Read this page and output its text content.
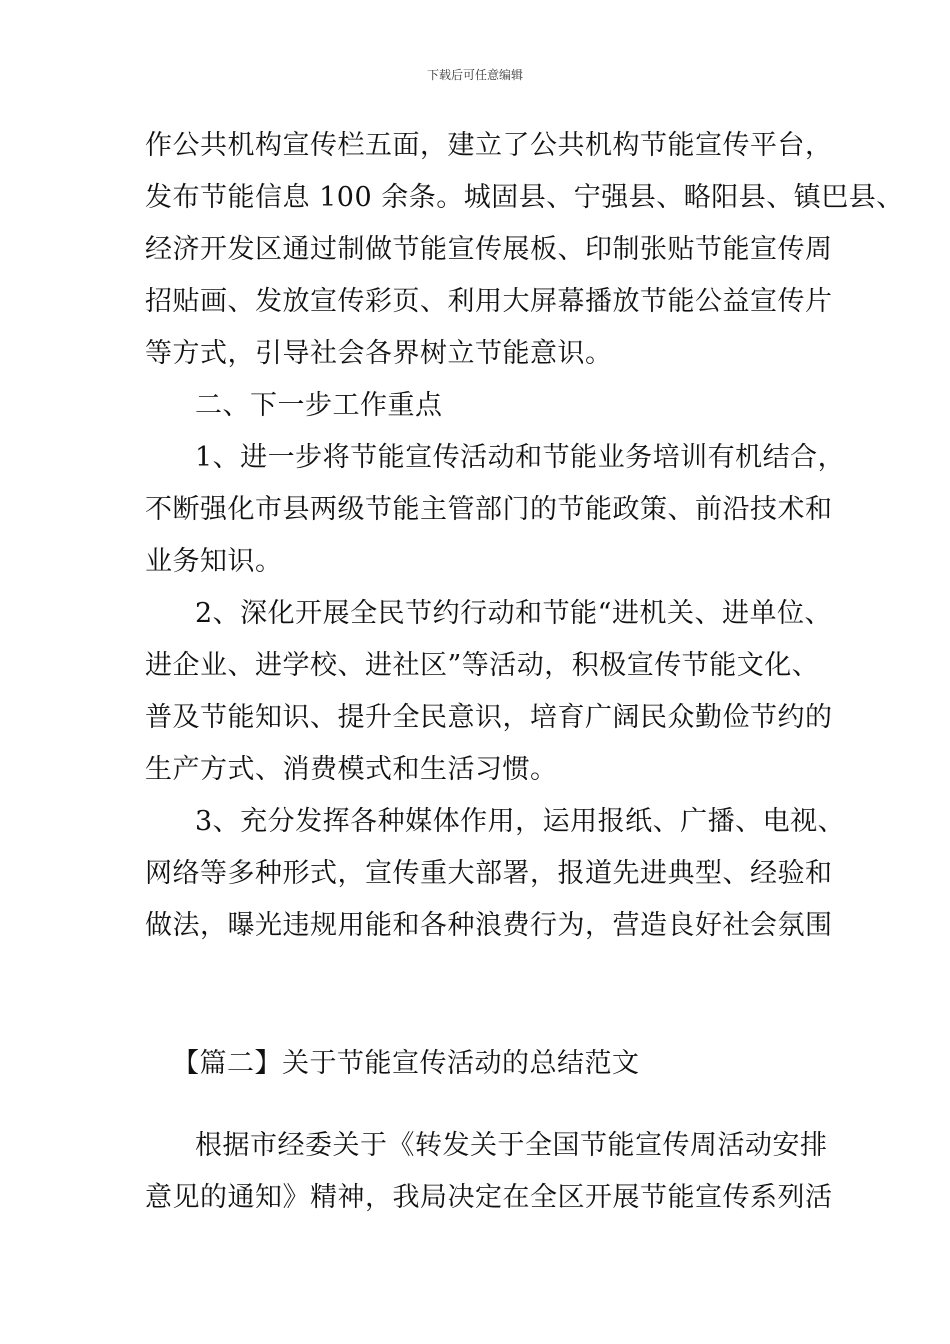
下载后可任意编辑
作公共机构宣传栏五面，建立了公共机构节能宣传平台，
发布节能信息 100 余条。城固县、宁强县、略阳县、镇巴县、
经济开发区通过制做节能宣传展板、印制张贴节能宣传周
招贴画、发放宣传彩页、利用大屏幕播放节能公益宣传片
等方式，引导社会各界树立节能意识。
二、下一步工作重点
1、进一步将节能宣传活动和节能业务培训有机结合，
不断强化市县两级节能主管部门的节能政策、前沿技术和
业务知识。
2、深化开展全民节约行动和节能“进机关、进单位、
进企业、进学校、进社区”等活动，积极宣传节能文化、
普及节能知识、提升全民意识，培育广阔民众勤俭节约的
生产方式、消费模式和生活习惯。
3、充分发挥各种媒体作用，运用报纸、广播、电视、
网络等多种形式，宣传重大部署，报道先进典型、经验和
做法，曝光违规用能和各种浪费行为，营造良好社会氛围
【篇二】关于节能宣传活动的总结范文
根据市经委关于《转发关于全国节能宣传周活动安排
意见的通知》精神，我局决定在全区开展节能宣传系列活
